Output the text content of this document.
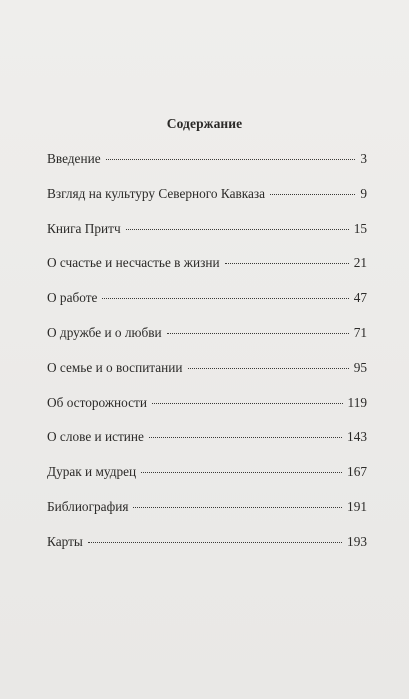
Содержание
Введение	3
Взгляд на культуру Северного Кавказа	9
Книга Притч	15
О счастье и несчастье в жизни	21
О работе	47
О дружбе и о любви	71
О семье и о воспитании	95
Об осторожности	119
О слове и истине	143
Дурак и мудрец	167
Библиография	191
Карты	193
